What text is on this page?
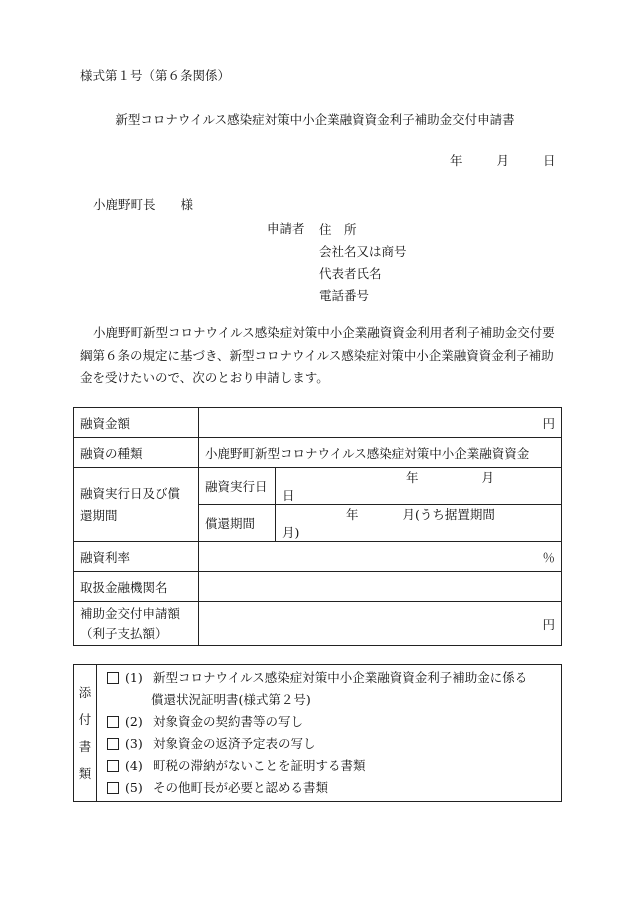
様式第１号（第６条関係）
新型コロナウイルス感染症対策中小企業融資資金利子補助金交付申請書
年	月	日
小鹿野町長　　様
申請者 住　所
会社名又は商号
代表者氏名
電話番号
小鹿野町新型コロナウイルス感染症対策中小企業融資資金利用者利子補助金交付要綱第６条の規定に基づき、新型コロナウイルス感染症対策中小企業融資資金利子補助金を受けたいので、次のとおり申請します。
融資金額	円	
融資の種類	小鹿野町新型コロナウイルス感染症対策中小企業融資資金	

融資実行日及び償還期間	融資実行日	年 月  日
	償還期間	年 月(うち据置期間  月)
融資利率	％	
取扱金融機関名		

補助金交付申請額
（利子支払額）	円	
添
付
書
類

(1) 新型コロナウイルス感染症対策中小企業融資資金利子補助金に係る
償還状況証明書(様式第２号)
(2) 対象資金の契約書等の写し
(3) 対象資金の返済予定表の写し
(4) 町税の滞納がないことを証明する書類
(5) その他町長が必要と認める書類
